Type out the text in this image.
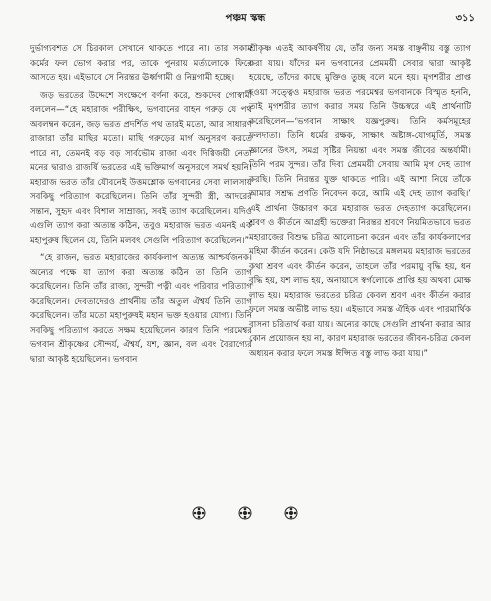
পঞ্চম স্কন্ধ	৩১১

দুর্ভাগ্যবশত সে চিরকাল সেখানে থাকতে পারে না। তার সকাম কর্মের ফল ভোগ করার পর, তাকে পুনরায় মর্ত্যলোকে ফিরে আসতে হয়। এইভাবে সে নিরন্তর ঊর্ধ্বগামী ও নিম্নগামী হচ্ছে।

জড় ভরতের উদ্দেশে সংক্ষেপে বর্ণনা করে, শুকদেব গোস্বামী বললেন—“হে মহারাজ পরীক্ষিৎ, ভগবানের বাহন গরুড় যে পথ অবলম্বন করেন, জড় ভরত প্রদর্শিত পথ তারই মতো, আর সাধারণ রাজারা তাঁর মাছির মতো। মাছি গরুড়ের মার্গ অনুসরণ করতে পারে না, তেমনই বড় বড় সার্বভৌম রাজা এবং দিগ্বিজয়ী নেতা মনের দ্বারাও রাজর্ষি ভরতের এই ভক্তিমার্গ অনুসরণে সমর্থ হয়নি। মহারাজ ভরত তাঁর যৌবনেই উত্তমশ্লোক ভগবানের সেবা লালসায় সবকিছু পরিত্যাগ করেছিলেন। তিনি তাঁর সুন্দরী স্ত্রী, আদরের সন্তান, সুহৃদ এবং বিশাল সাম্রাজ্য, সবই ত্যাগ করেছিলেন। যদিও এগুলি ত্যাগ করা অত্যন্ত কঠিন, তবুও মহারাজ ভরত এমনই এক মহাপুরুষ ছিলেন যে, তিনি মলবৎ সেগুলি পরিত্যাগ করেছিলেন।”

“হে রাজন, ভরত মহারাজের কার্যকলাপ অত্যন্ত আশ্চর্যজনক। অন্যের পক্ষে যা ত্যাগ করা অত্যন্ত কঠিন তা তিনি ত্যাগ করেছিলেন। তিনি তাঁর রাজ্য, সুন্দরী পত্নী এবং পরিবার পরিত্যাগ করেছিলেন। দেবতাদেরও প্রার্থনীয় তাঁর অতুল ঐশ্বর্য তিনি ত্যাগ করেছিলেন। তাঁর মতো মহাপুরুষই মহান ভক্ত হওয়ার যোগ্য। তিনি সবকিছু পরিত্যাগ করতে সক্ষম হয়েছিলেন কারণ তিনি পরমেশ্বর ভগবান শ্রীকৃষ্ণের সৌন্দর্য, ঐশ্বর্য, যশ, জ্ঞান, বল এবং বৈরাগ্যের দ্বারা আকৃষ্ট হয়েছিলেন। ভগবান

শ্রীকৃষ্ণ এতই আকর্ষণীয় যে, তাঁর জন্য সমস্ত বাঞ্ছনীয় বস্তু ত্যাগ করা যায়। যাঁদের মন ভগবানের প্রেমময়ী সেবার দ্বারা আকৃষ্ট হয়েছে, তাঁদের কাছে মুক্তিও তুচ্ছ বলে মনে হয়। মৃগশরীর প্রাপ্ত হওয়া সত্ত্বেও মহারাজ ভরত পরমেশ্বর ভগবানকে বিস্মৃত হননি, তাই মৃগশরীর ত্যাগ করার সময় তিনি উচ্চস্বরে এই প্রার্থনাটি করেছিলেন—‘ভগবান সাক্ষাৎ যজ্ঞপুরুষ। তিনি কর্মসমূহের ফলদাতা। তিনি ধর্মের রক্ষক, সাক্ষাৎ অষ্টাঙ্গ-যোগমূর্তি, সমস্ত জ্ঞানের উৎস, সমগ্র সৃষ্টির নিয়ন্তা এবং সমস্ত জীবের অন্তর্যামী। তিনি পরম সুন্দর। তাঁর দিব্য প্রেমময়ী সেবায় আমি মৃগ দেহ ত্যাগ করছি। তিনি নিরন্তর যুক্ত থাকতে পারি। এই আশা নিয়ে তাঁকে আমার সশ্রদ্ধ প্রণতি নিবেদন করে, আমি এই দেহ ত্যাগ করছি।’ এই প্রার্থনা উচ্চারণ করে মহারাজ ভরত দেহত্যাগ করেছিলেন। শ্রবণ ও কীর্তনে আগ্রহী ভক্তেরা নিরন্তর শ্রবণে নিয়মিতভাবে ভরত মহারাজের বিশুদ্ধ চরিত্র আলোচনা করেন এবং তাঁর কার্যকলাপের মহিমা কীর্তন করেন। কেউ যদি নিষ্ঠাভরে মঙ্গলময় মহারাজ ভরতের কথা শ্রবণ এবং কীর্তন করেন, তাহলে তাঁর পরমায়ু বৃদ্ধি হয়, ধন বৃদ্ধি হয়, যশ লাভ হয়, অনায়াসে স্বর্গলোকে প্রাপ্তি হয় অথবা মোক্ষ লাভ হয়। মহারাজ ভরতের চরিত্র কেবল শ্রবণ এবং কীর্তন করার ফলে সমস্ত অভীষ্ট লাভ হয়। এইভাবে সমস্ত ঐহিক এবং পারমার্থিক বাসনা চরিতার্থ করা যায়। অন্যের কাছে সেগুলি প্রার্থনা করার আর কোন প্রয়োজন হয় না, কারণ মহারাজ ভরতের জীবন-চরিত্র কেবল অধ্যয়ন করার ফলে সমস্ত ঈপ্সিত বস্তু লাভ করা যায়।”
